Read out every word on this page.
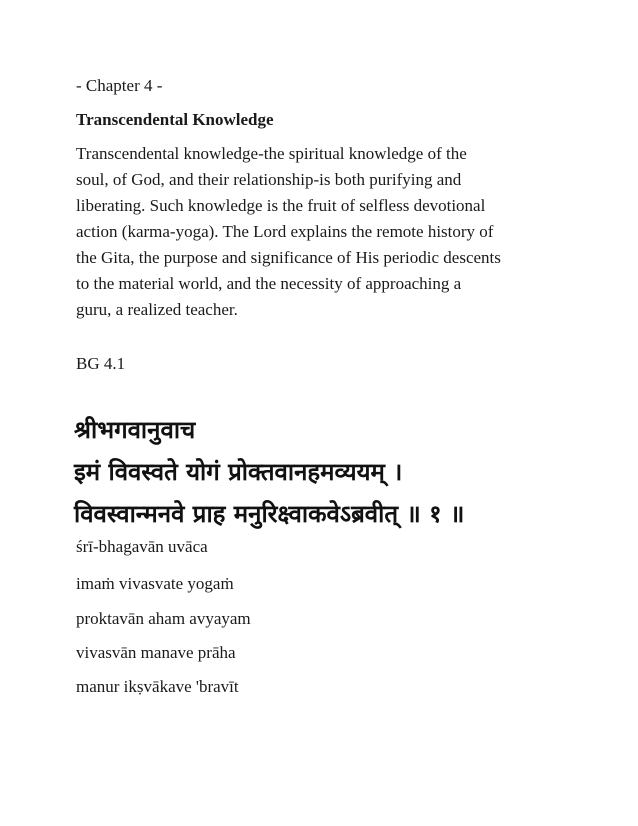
- Chapter 4 -
Transcendental Knowledge
Transcendental knowledge-the spiritual knowledge of the
soul, of God, and their relationship-is both purifying and
liberating. Such knowledge is the fruit of selfless devotional
action (karma-yoga). The Lord explains the remote history of
the Gita, the purpose and significance of His periodic descents
to the material world, and the necessity of approaching a
guru, a realized teacher.
BG 4.1
श्रीभगवानुवाच
इमं विवस्वते योगं प्रोक्तवानहमव्ययम् ।
विवस्वान्मनवे प्राह मनुरिक्ष्वाकवेऽब्रवीत् ॥ १ ॥
śrī-bhagavān uvāca
imaṁ vivasvate yogaṁ
proktavān aham avyayam
vivasvān manave prāha
manur ikṣvākave 'bravīt
